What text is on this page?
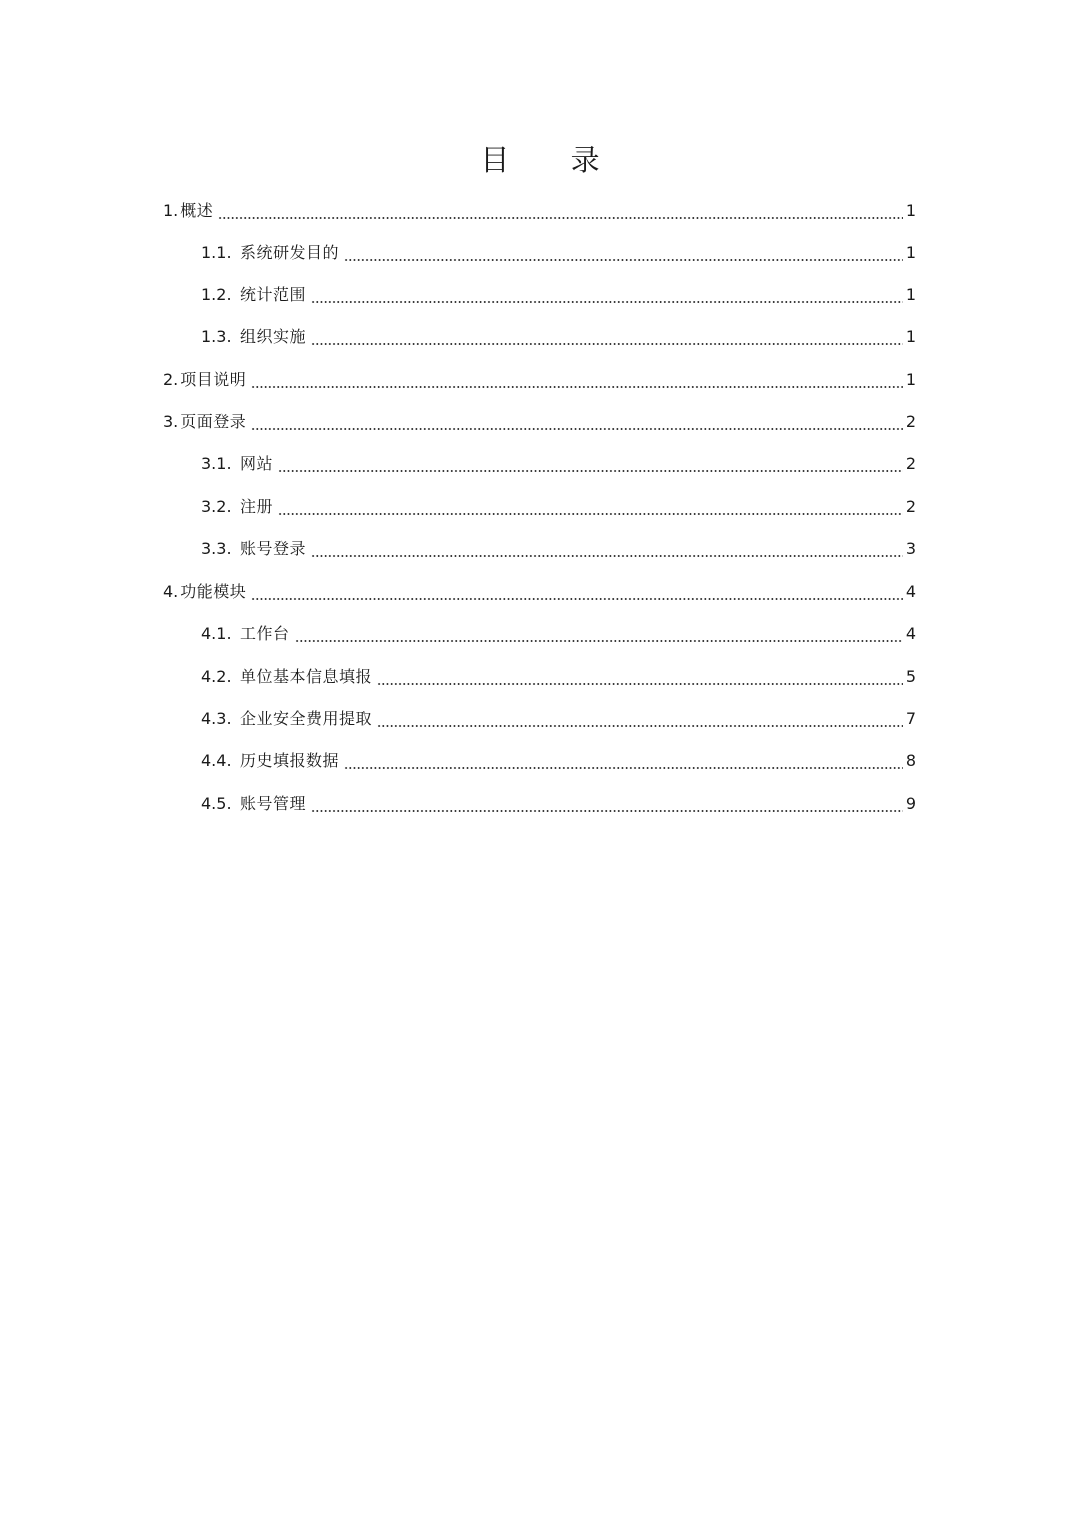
目 录
1. 概述	1
1.1. 系统研发目的	1
1.2. 统计范围	1
1.3. 组织实施	1
2. 项目说明	1
3. 页面登录	2
3.1. 网站	2
3.2. 注册	2
3.3. 账号登录	3
4. 功能模块	4
4.1. 工作台	4
4.2. 单位基本信息填报	5
4.3. 企业安全费用提取	7
4.4. 历史填报数据	8
4.5. 账号管理	9
